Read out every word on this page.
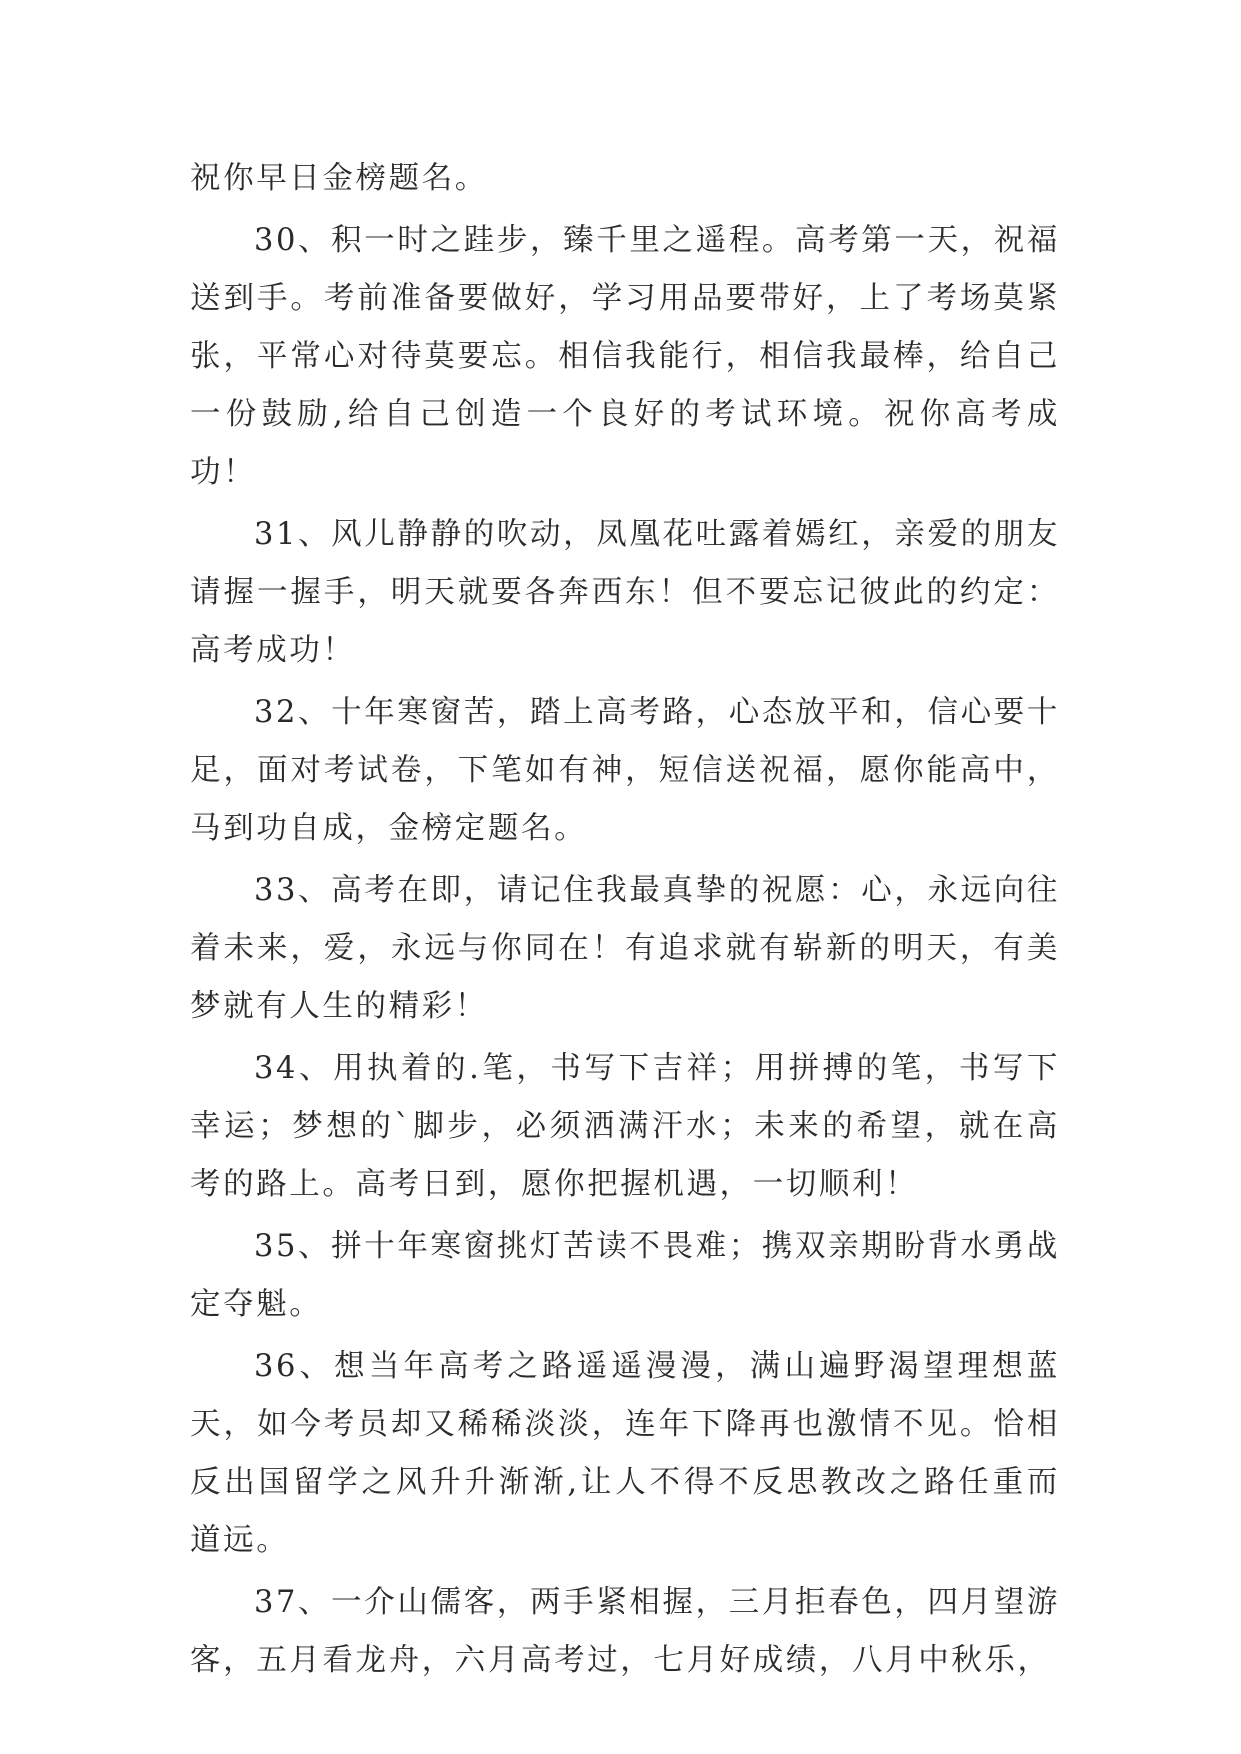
祝你早日金榜题名。

30、积一时之跬步，臻千里之遥程。高考第一天，祝福送到手。考前准备要做好，学习用品要带好，上了考场莫紧张，平常心对待莫要忘。相信我能行，相信我最棒，给自己一份鼓励,给自己创造一个良好的考试环境。祝你高考成功！

31、风儿静静的吹动，凤凰花吐露着嫣红，亲爱的朋友请握一握手，明天就要各奔西东！但不要忘记彼此的约定：高考成功！

32、十年寒窗苦，踏上高考路，心态放平和，信心要十足，面对考试卷，下笔如有神，短信送祝福，愿你能高中，马到功自成，金榜定题名。

33、高考在即，请记住我最真挚的祝愿：心，永远向往着未来，爱，永远与你同在！有追求就有崭新的明天，有美梦就有人生的精彩！

34、用执着的.笔，书写下吉祥；用拼搏的笔，书写下幸运；梦想的`脚步，必须洒满汗水；未来的希望，就在高考的路上。高考日到，愿你把握机遇，一切顺利！

35、拼十年寒窗挑灯苦读不畏难；携双亲期盼背水勇战定夺魁。

36、想当年高考之路遥遥漫漫，满山遍野渴望理想蓝天，如今考员却又稀稀淡淡，连年下降再也激情不见。恰相反出国留学之风升升渐渐,让人不得不反思教改之路任重而道远。

37、一介山儒客，两手紧相握，三月拒春色，四月望游客，五月看龙舟，六月高考过，七月好成绩，八月中秋乐，
